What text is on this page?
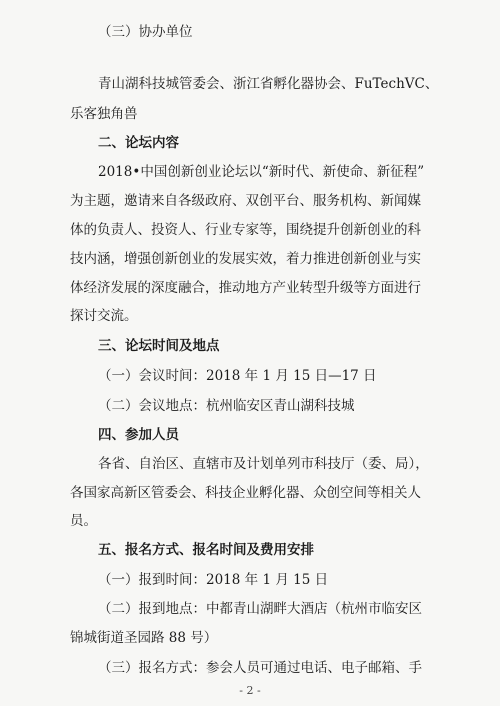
（三）协办单位
青山湖科技城管委会、浙江省孵化器协会、FuTechVC、
乐客独角兽
二、论坛内容
2018•中国创新创业论坛以“新时代、新使命、新征程”
为主题，邀请来自各级政府、双创平台、服务机构、新闻媒
体的负责人、投资人、行业专家等，围绕提升创新创业的科
技内涵，增强创新创业的发展实效，着力推进创新创业与实
体经济发展的深度融合，推动地方产业转型升级等方面进行
探讨交流。
三、论坛时间及地点
（一）会议时间：2018 年 1 月 15 日—17 日
（二）会议地点：杭州临安区青山湖科技城
四、参加人员
各省、自治区、直辖市及计划单列市科技厅（委、局），
各国家高新区管委会、科技企业孵化器、众创空间等相关人
员。
五、报名方式、报名时间及费用安排
（一）报到时间：2018 年 1 月 15 日
（二）报到地点：中都青山湖畔大酒店（杭州市临安区
锦城街道圣园路 88 号）
（三）报名方式：参会人员可通过电话、电子邮箱、手
- 2 -
